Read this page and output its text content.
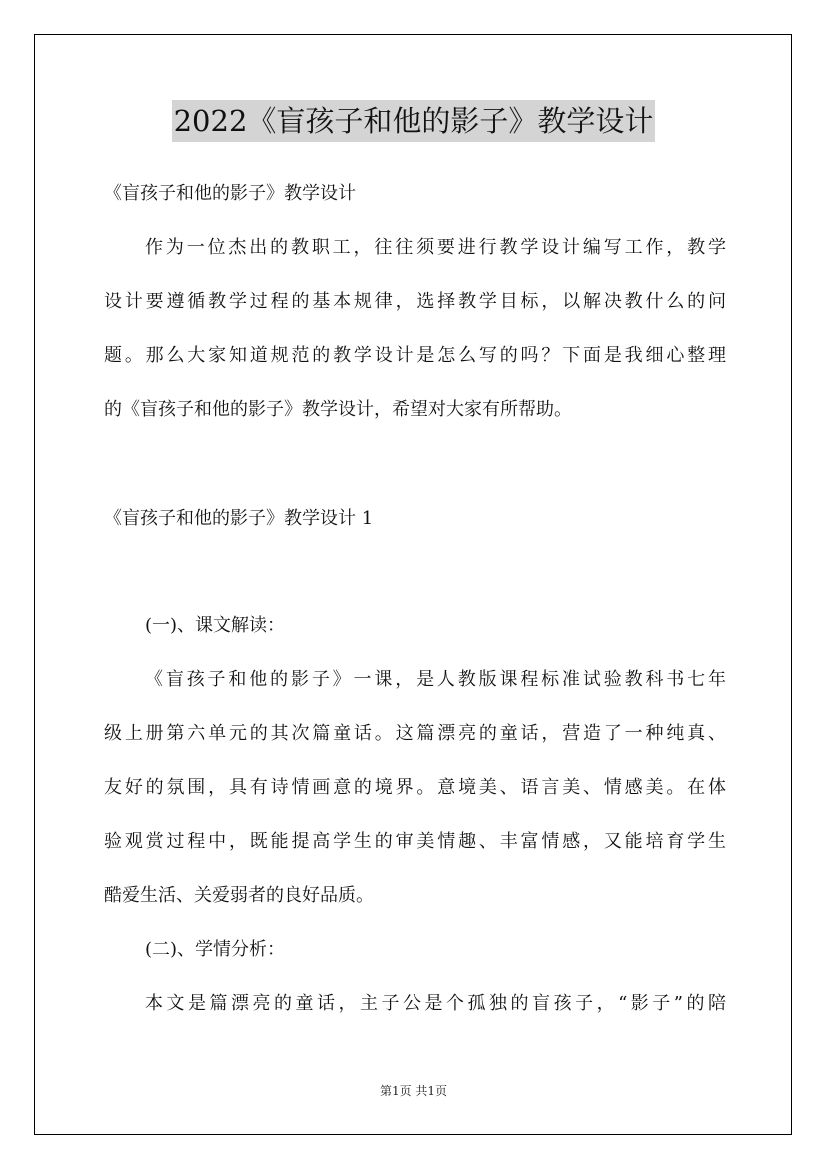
2022《盲孩子和他的影子》教学设计
《盲孩子和他的影子》教学设计
作为一位杰出的教职工，往往须要进行教学设计编写工作，教学
设计要遵循教学过程的基本规律，选择教学目标，以解决教什么的问
题。那么大家知道规范的教学设计是怎么写的吗？下面是我细心整理
的《盲孩子和他的影子》教学设计，希望对大家有所帮助。
《盲孩子和他的影子》教学设计 1
(一)、课文解读：
《盲孩子和他的影子》一课，是人教版课程标准试验教科书七年
级上册第六单元的其次篇童话。这篇漂亮的童话，营造了一种纯真、
友好的氛围，具有诗情画意的境界。意境美、语言美、情感美。在体
验观赏过程中，既能提高学生的审美情趣、丰富情感，又能培育学生
酷爱生活、关爱弱者的良好品质。
(二)、学情分析：
本文是篇漂亮的童话，主子公是个孤独的盲孩子，“影子”的陪
第1页 共1页
